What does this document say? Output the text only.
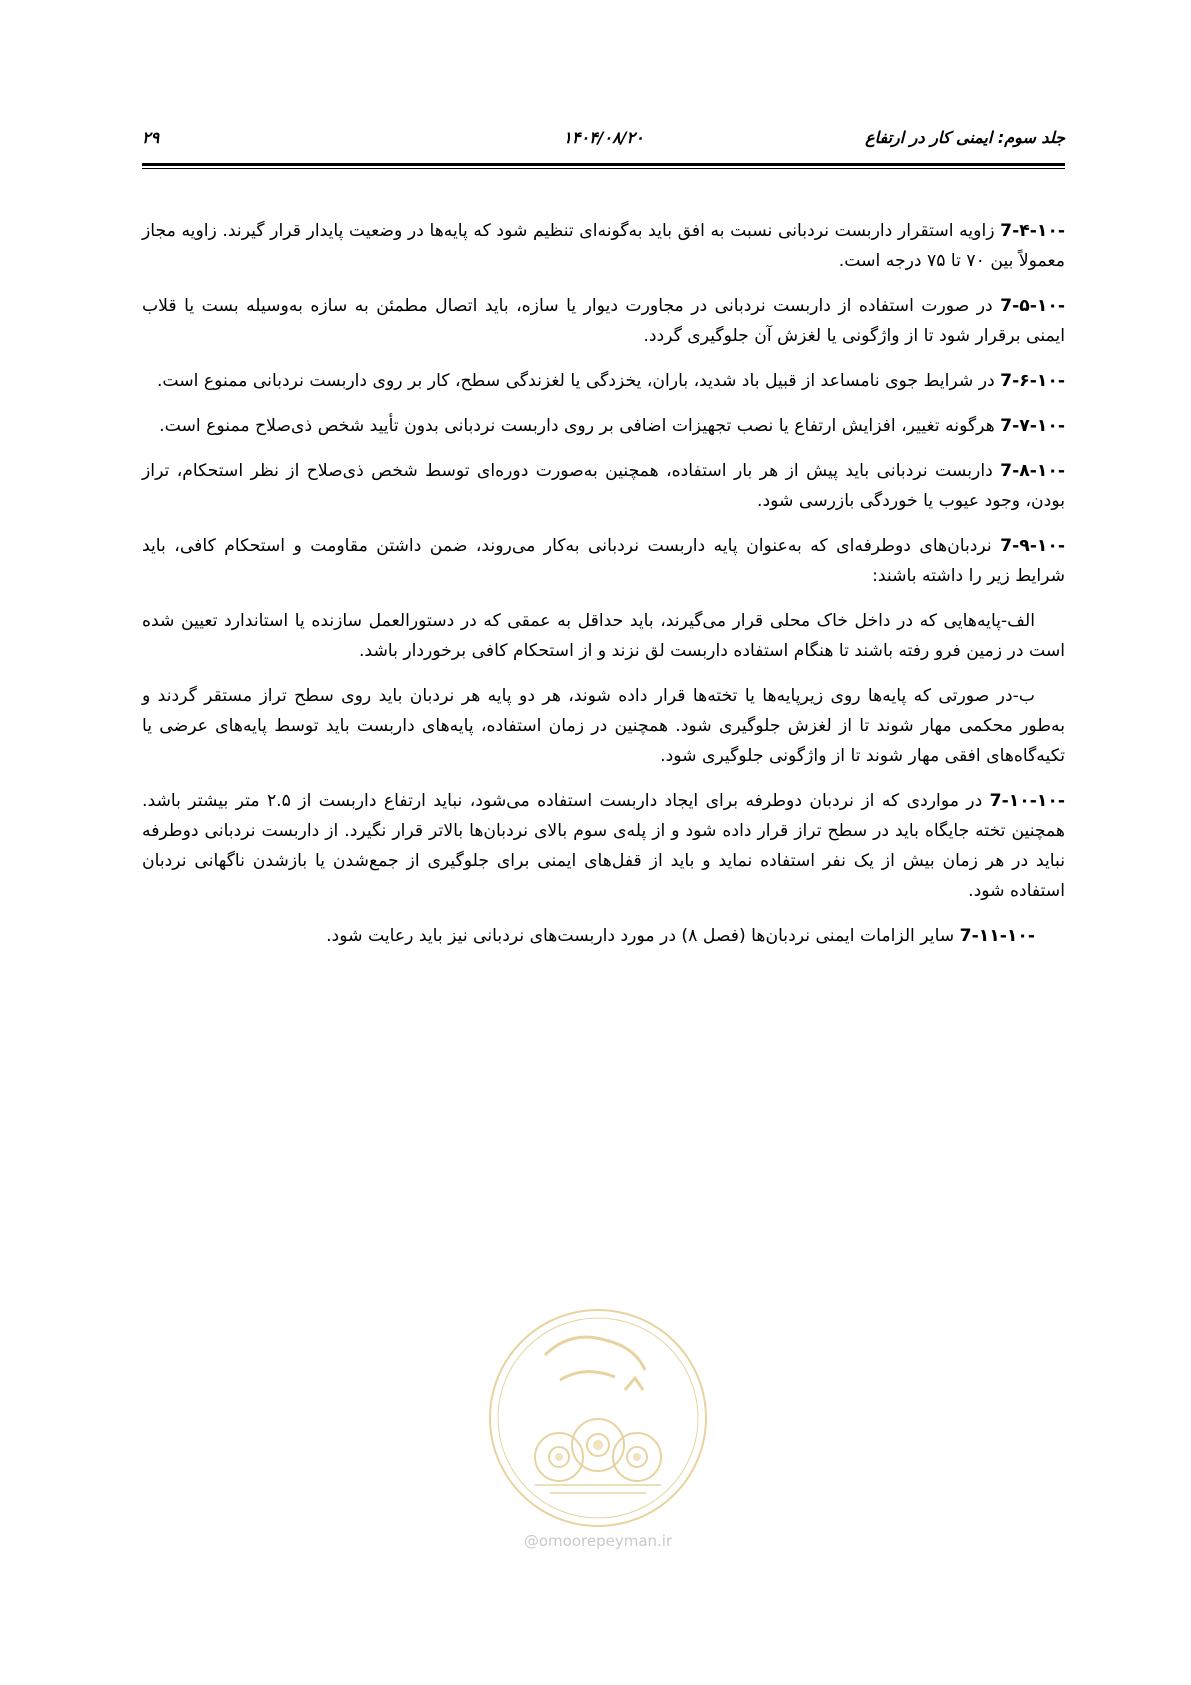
جلد سوم: ایمنی کار در ارتفاع
۱۴۰۴/۰۸/۲۰
۲۹

7-۴-۱۰- زاویه استقرار داربست نردبانی نسبت به افق باید به‌گونه‌ای تنظیم شود که پایه‌ها در وضعیت پایدار قرار گیرند. زاویه مجاز معمولاً بین ۷۰ تا ۷۵ درجه است.

7-۵-۱۰- در صورت استفاده از داربست نردبانی در مجاورت دیوار یا سازه، باید اتصال مطمئن به سازه به‌وسیله بست یا قلاب ایمنی برقرار شود تا از واژگونی یا لغزش آن جلوگیری گردد.

7-۶-۱۰- در شرایط جوی نامساعد از قبیل باد شدید، باران، یخزدگی یا لغزندگی سطح، کار بر روی داربست نردبانی ممنوع است.

7-۷-۱۰- هرگونه تغییر، افزایش ارتفاع یا نصب تجهیزات اضافی بر روی داربست نردبانی بدون تأیید شخص ذی‌صلاح ممنوع است.

7-۸-۱۰- داربست نردبانی باید پیش از هر بار استفاده، همچنین به‌صورت دوره‌ای توسط شخص ذی‌صلاح از نظر استحکام، تراز بودن، وجود عیوب یا خوردگی بازرسی شود.

7-۹-۱۰- نردبان‌های دوطرفه‌ای که به‌عنوان پایه داربست نردبانی به‌کار می‌روند، ضمن داشتن مقاومت و استحکام کافی، باید شرایط زیر را داشته باشند:

الف-پایه‌هایی که در داخل خاک محلی قرار می‌گیرند، باید حداقل به عمقی که در دستورالعمل سازنده یا استاندارد تعیین شده است در زمین فرو رفته باشند تا هنگام استفاده داربست لق نزند و از استحکام کافی برخوردار باشد.

ب-در صورتی که پایه‌ها روی زیرپایه‌ها یا تخته‌ها قرار داده شوند، هر دو پایه هر نردبان باید روی سطح تراز مستقر گردند و به‌طور محکمی مهار شوند تا از لغزش جلوگیری شود. همچنین در زمان استفاده، پایه‌های داربست باید توسط پایه‌های عرضی یا تکیه‌گاه‌های افقی مهار شوند تا از واژگونی جلوگیری شود.

7-۱۰-۱۰- در مواردی که از نردبان دوطرفه برای ایجاد داربست استفاده می‌شود، نباید ارتفاع داربست از ۲.۵ متر بیشتر باشد. همچنین تخته جایگاه باید در سطح تراز قرار داده شود و از پله‌ی سوم بالای نردبان‌ها بالاتر قرار نگیرد. از داربست نردبانی دوطرفه نباید در هر زمان بیش از یک نفر استفاده نماید و باید از قفل‌های ایمنی برای جلوگیری از جمع‌شدن یا بازشدن ناگهانی نردبان استفاده شود.

7-۱۱-۱۰- سایر الزامات ایمنی نردبان‌ها (فصل ۸) در مورد داربست‌های نردبانی نیز باید رعایت شود.

@omoorepeyman.ir
